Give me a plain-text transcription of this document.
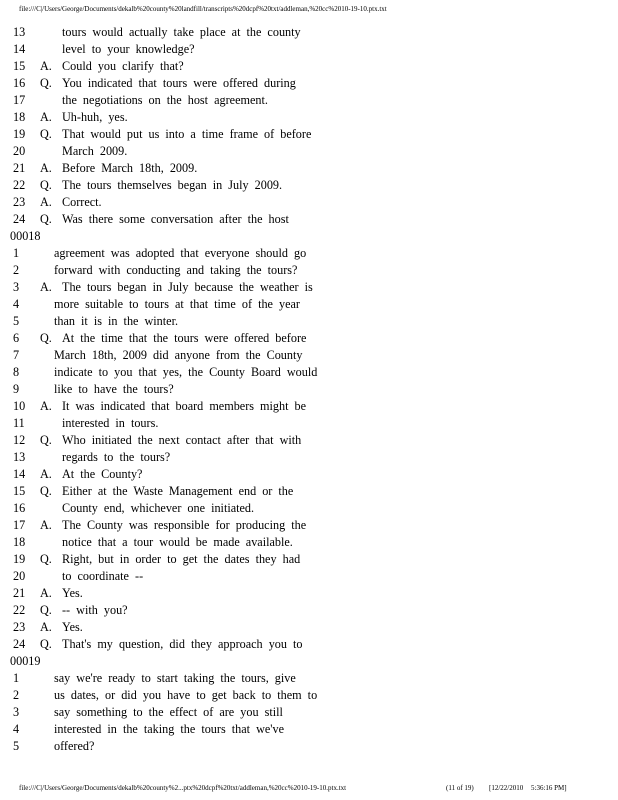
file:///C|/Users/George/Documents/dekalb%20county%20landfill/transcripts%20dcpf%20txt/addleman,%20cc%2010-19-10.ptx.txt
13	tours would actually take place at the county
14	level to your knowledge?
15	A. Could you clarify that?
16	Q. You indicated that tours were offered during
17	the negotiations on the host agreement.
18	A. Uh-huh, yes.
19	Q. That would put us into a time frame of before
20	March 2009.
21	A. Before March 18th, 2009.
22	Q. The tours themselves began in July 2009.
23	A. Correct.
24	Q. Was there some conversation after the host
00018
1	agreement was adopted that everyone should go
2	forward with conducting and taking the tours?
3	A. The tours began in July because the weather is
4	more suitable to tours at that time of the year
5	than it is in the winter.
6	Q. At the time that the tours were offered before
7	March 18th, 2009 did anyone from the County
8	indicate to you that yes, the County Board would
9	like to have the tours?
10	A. It was indicated that board members might be
11	interested in tours.
12	Q. Who initiated the next contact after that with
13	regards to the tours?
14	A. At the County?
15	Q. Either at the Waste Management end or the
16	County end, whichever one initiated.
17	A. The County was responsible for producing the
18	notice that a tour would be made available.
19	Q. Right, but in order to get the dates they had
20	to coordinate --
21	A. Yes.
22	Q. -- with you?
23	A. Yes.
24	Q. That's my question, did they approach you to
00019
1	say we're ready to start taking the tours, give
2	us dates, or did you have to get back to them to
3	say something to the effect of are you still
4	interested in the taking the tours that we've
5	offered?
file:///C|/Users/George/Documents/dekalb%20county%2...ptx%20dcpf%20txt/addleman,%20cc%2010-19-10.ptx.txt	(11 of 19) [12/22/2010 5:36:16 PM]
